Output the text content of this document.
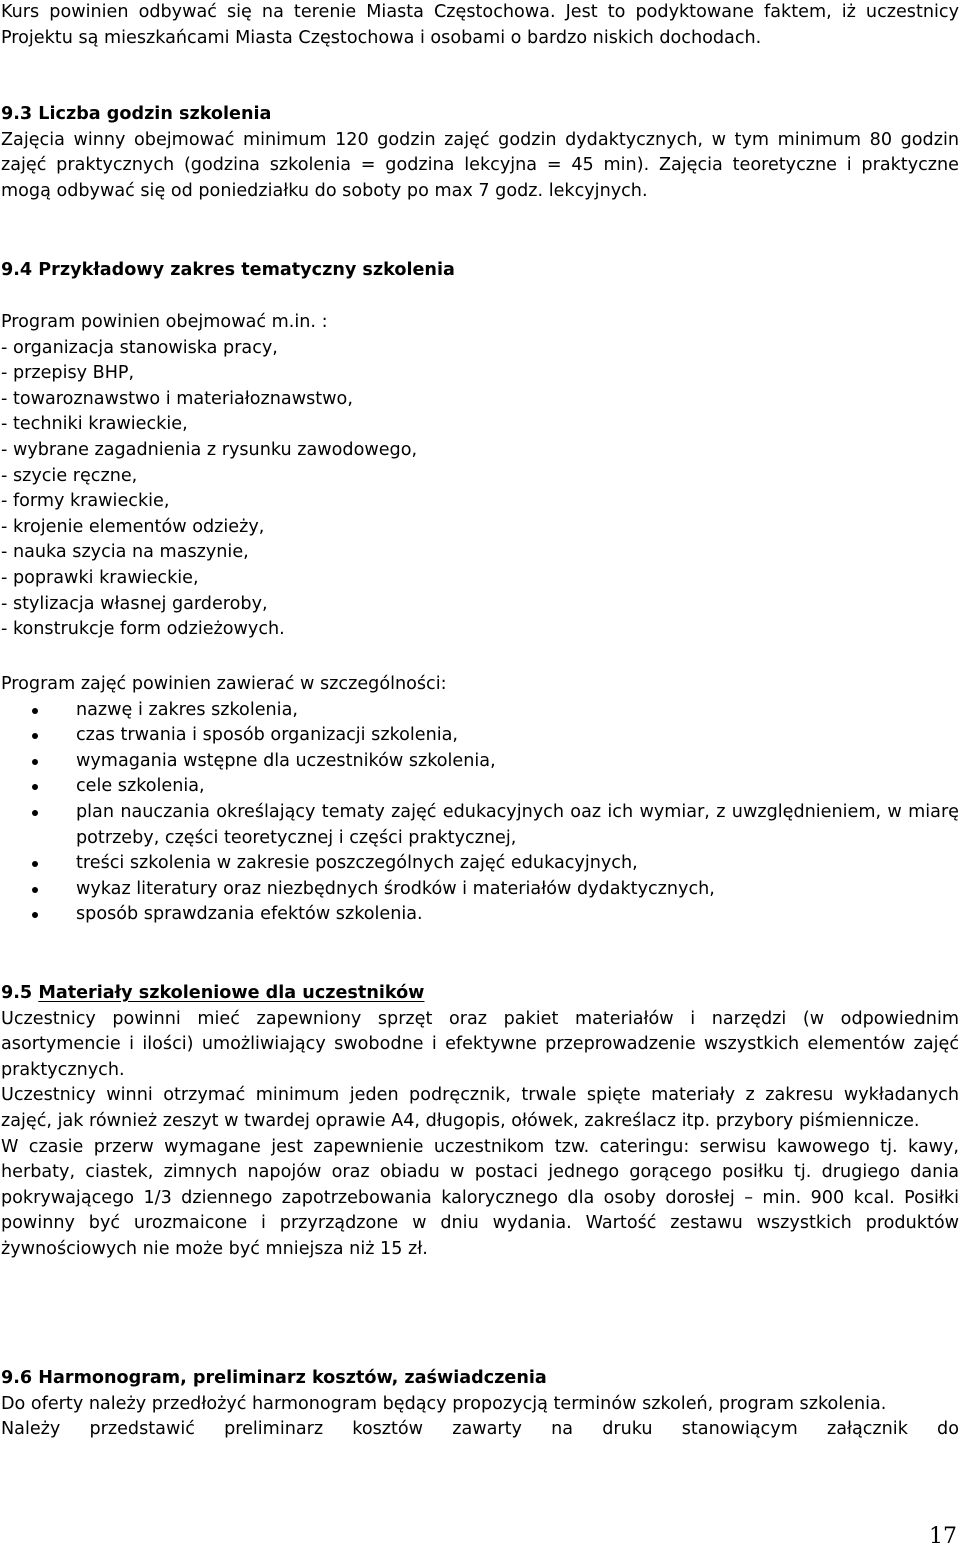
Kurs powinien odbywać się na terenie Miasta Częstochowa. Jest to podyktowane faktem, iż uczestnicy Projektu są mieszkańcami Miasta Częstochowa i osobami o bardzo niskich dochodach.

9.3 Liczba godzin szkolenia

Zajęcia winny obejmować minimum 120 godzin zajęć godzin dydaktycznych, w tym minimum 80 godzin zajęć praktycznych (godzina szkolenia = godzina lekcyjna = 45 min). Zajęcia teoretyczne i praktyczne mogą odbywać się od poniedziałku do soboty po max 7 godz. lekcyjnych.

9.4 Przykładowy zakres tematyczny szkolenia

Program powinien obejmować m.in. :

- organizacja stanowiska pracy,

- przepisy BHP,

- towaroznawstwo i materiałoznawstwo,

- techniki krawieckie,

- wybrane zagadnienia z rysunku zawodowego,

- szycie ręczne,

- formy krawieckie,

- krojenie elementów odzieży,

- nauka szycia na maszynie,

- poprawki krawieckie,

- stylizacja własnej garderoby,

- konstrukcje form odzieżowych.

Program zajęć powinien zawierać w szczególności:

nazwę i zakres szkolenia,
czas trwania i sposób organizacji szkolenia,
wymagania wstępne dla uczestników szkolenia,
cele szkolenia,
plan nauczania określający tematy zajęć edukacyjnych oaz ich wymiar, z uwzględnieniem, w miarę potrzeby, części teoretycznej i części praktycznej,
treści szkolenia w zakresie poszczególnych zajęć edukacyjnych,
wykaz literatury oraz niezbędnych środków i materiałów dydaktycznych,
sposób sprawdzania efektów szkolenia.
9.5 Materiały szkoleniowe dla uczestników

Uczestnicy powinni mieć zapewniony sprzęt oraz pakiet materiałów i narzędzi (w odpowiednim asortymencie i ilości) umożliwiający swobodne i efektywne przeprowadzenie wszystkich elementów zajęć praktycznych.

Uczestnicy winni otrzymać minimum jeden podręcznik, trwale spięte materiały z zakresu wykładanych zajęć, jak również zeszyt w twardej oprawie A4, długopis, ołówek, zakreślacz itp. przybory piśmiennicze.

W czasie przerw wymagane jest zapewnienie uczestnikom tzw. cateringu: serwisu kawowego tj. kawy, herbaty, ciastek, zimnych napojów oraz obiadu w postaci jednego gorącego posiłku tj. drugiego dania pokrywającego 1/3 dziennego zapotrzebowania kalorycznego dla osoby dorosłej – min. 900 kcal. Posiłki powinny być urozmaicone i przyrządzone w dniu wydania. Wartość zestawu wszystkich produktów żywnościowych nie może być mniejsza niż 15 zł.

9.6 Harmonogram, preliminarz kosztów, zaświadczenia

Do oferty należy przedłożyć harmonogram będący propozycją terminów szkoleń, program szkolenia.

Należy przedstawić preliminarz kosztów zawarty na druku stanowiącym załącznik do

17
